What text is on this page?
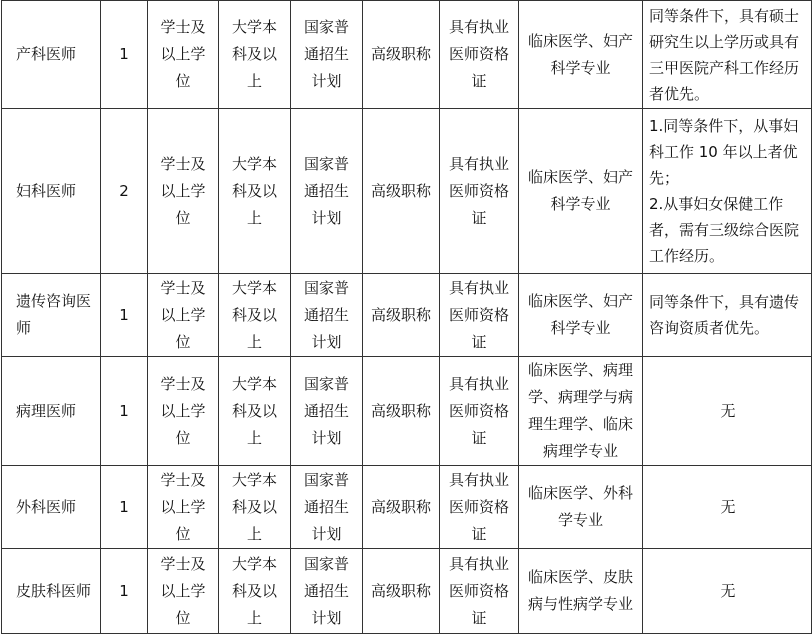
产科医师	1	学士及以上学位	大学本科及以上	国家普通招生计划	高级职称	具有执业医师资格证	临床医学、妇产科学专业	同等条件下，具有硕士研究生以上学历或具有三甲医院产科工作经历者优先。

妇科医师	2	学士及以上学位	大学本科及以上	国家普通招生计划	高级职称	具有执业医师资格证	临床医学、妇产科学专业	1.同等条件下，从事妇科工作 10 年以上者优先；
2.从事妇女保健工作者，需有三级综合医院工作经历。

遗传咨询医师	1	学士及以上学位	大学本科及以上	国家普通招生计划	高级职称	具有执业医师资格证	临床医学、妇产科学专业	同等条件下，具有遗传咨询资质者优先。

病理医师	1	学士及以上学位	大学本科及以上	国家普通招生计划	高级职称	具有执业医师资格证	临床医学、病理学、病理学与病理生理学、临床病理学专业	无

外科医师	1	学士及以上学位	大学本科及以上	国家普通招生计划	高级职称	具有执业医师资格证	临床医学、外科学专业	无

皮肤科医师	1	学士及以上学位	大学本科及以上	国家普通招生计划	高级职称	具有执业医师资格证	临床医学、皮肤病与性病学专业	无
